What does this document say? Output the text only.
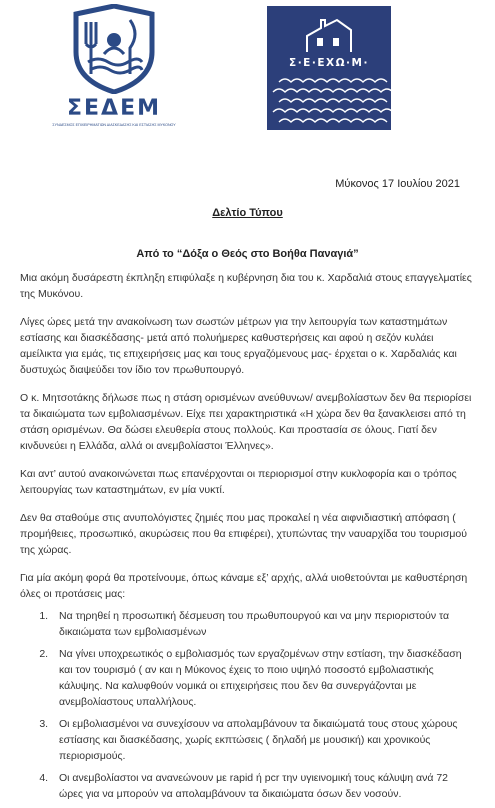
ΣΕΔΕΜ
ΣΥΝΔΕΣΜΟΣ ΕΠΙΧΕΙΡΗΜΑΤΙΩΝ ΔΙΑΣΚΕΔΑΣΗΣ ΚΑΙ ΕΣΤΙΑΣΗΣ ΜΥΚΟΝΟΥ
Σ·Ε·ΕΧΩ·Μ·
Μύκονος 17 Ιουλίου 2021
Δελτίο Τύπου
Από το “Δόξα ο Θεός στο Βοήθα Παναγιά”

Μια ακόμη δυσάρεστη έκπληξη επιφύλαξε η κυβέρνηση δια του κ. Χαρδαλιά στους επαγγελματίες της Μυκόνου.

Λίγες ώρες μετά την ανακοίνωση των σωστών μέτρων για την λειτουργία των καταστημάτων εστίασης και διασκέδασης- μετά από πολυήμερες καθυστερήσεις και αφού η σεζόν κυλάει αμείλικτα για εμάς, τις επιχειρήσεις μας και τους εργαζόμενους μας- έρχεται ο κ. Χαρδαλιάς και δυστυχώς διαψεύδει τον ίδιο τον πρωθυπουργό.

Ο κ. Μητσοτάκης δήλωσε πως η στάση ορισμένων ανεύθυνων/ ανεμβολίαστων δεν θα περιορίσει τα δικαιώματα των εμβολιασμένων. Είχε πει χαρακτηριστικά «Η χώρα δεν θα ξανακλεισει από τη στάση ορισμένων. Θα δώσει ελευθερία στους πολλούς. Και προστασία σε όλους. Γιατί δεν κινδυνεύει η Ελλάδα, αλλά οι ανεμβολίαστοι Έλληνες».

Και αντ’ αυτού ανακοινώνεται πως επανέρχονται οι περιορισμοί στην κυκλοφορία και ο τρόπος λειτουργίας των καταστημάτων, εν μία νυκτί.

Δεν θα σταθούμε στις ανυπολόγιστες ζημιές που μας προκαλεί η νέα αιφνιδιαστική απόφαση ( προμήθειες, προσωπικό, ακυρώσεις που θα επιφέρει), χτυπώντας την ναυαρχίδα του τουρισμού της χώρας.

Για μία ακόμη φορά θα προτείνουμε, όπως κάναμε εξ’ αρχής, αλλά υιοθετούνται με καθυστέρηση όλες οι προτάσεις μας:

1. Να τηρηθεί η προσωπική δέσμευση του πρωθυπουργού και να μην περιοριστούν τα δικαιώματα των εμβολιασμένων
2. Να γίνει υποχρεωτικός ο εμβολιασμός των εργαζομένων στην εστίαση, την διασκέδαση και τον τουρισμό ( αν και η Μύκονος έχεις το ποιο υψηλό ποσοστό εμβολιαστικής κάλυψης. Να καλυφθούν νομικά οι επιχειρήσεις που δεν θα συνεργάζονται με ανεμβολίαστους υπαλλήλους.
3. Οι εμβολιασμένοι να συνεχίσουν να απολαμβάνουν τα δικαιώματά τους στους χώρους εστίασης και διασκέδασης, χωρίς εκπτώσεις ( δηλαδή με μουσική) και χρονικούς περιορισμούς.
4. Οι ανεμβολίαστοι να ανανεώνουν με rapid ή pcr την υγιεινομική τους κάλυψη ανά 72 ώρες για να μπορούν να απολαμβάνουν τα δικαιώματα όσων δεν νοσούν.
